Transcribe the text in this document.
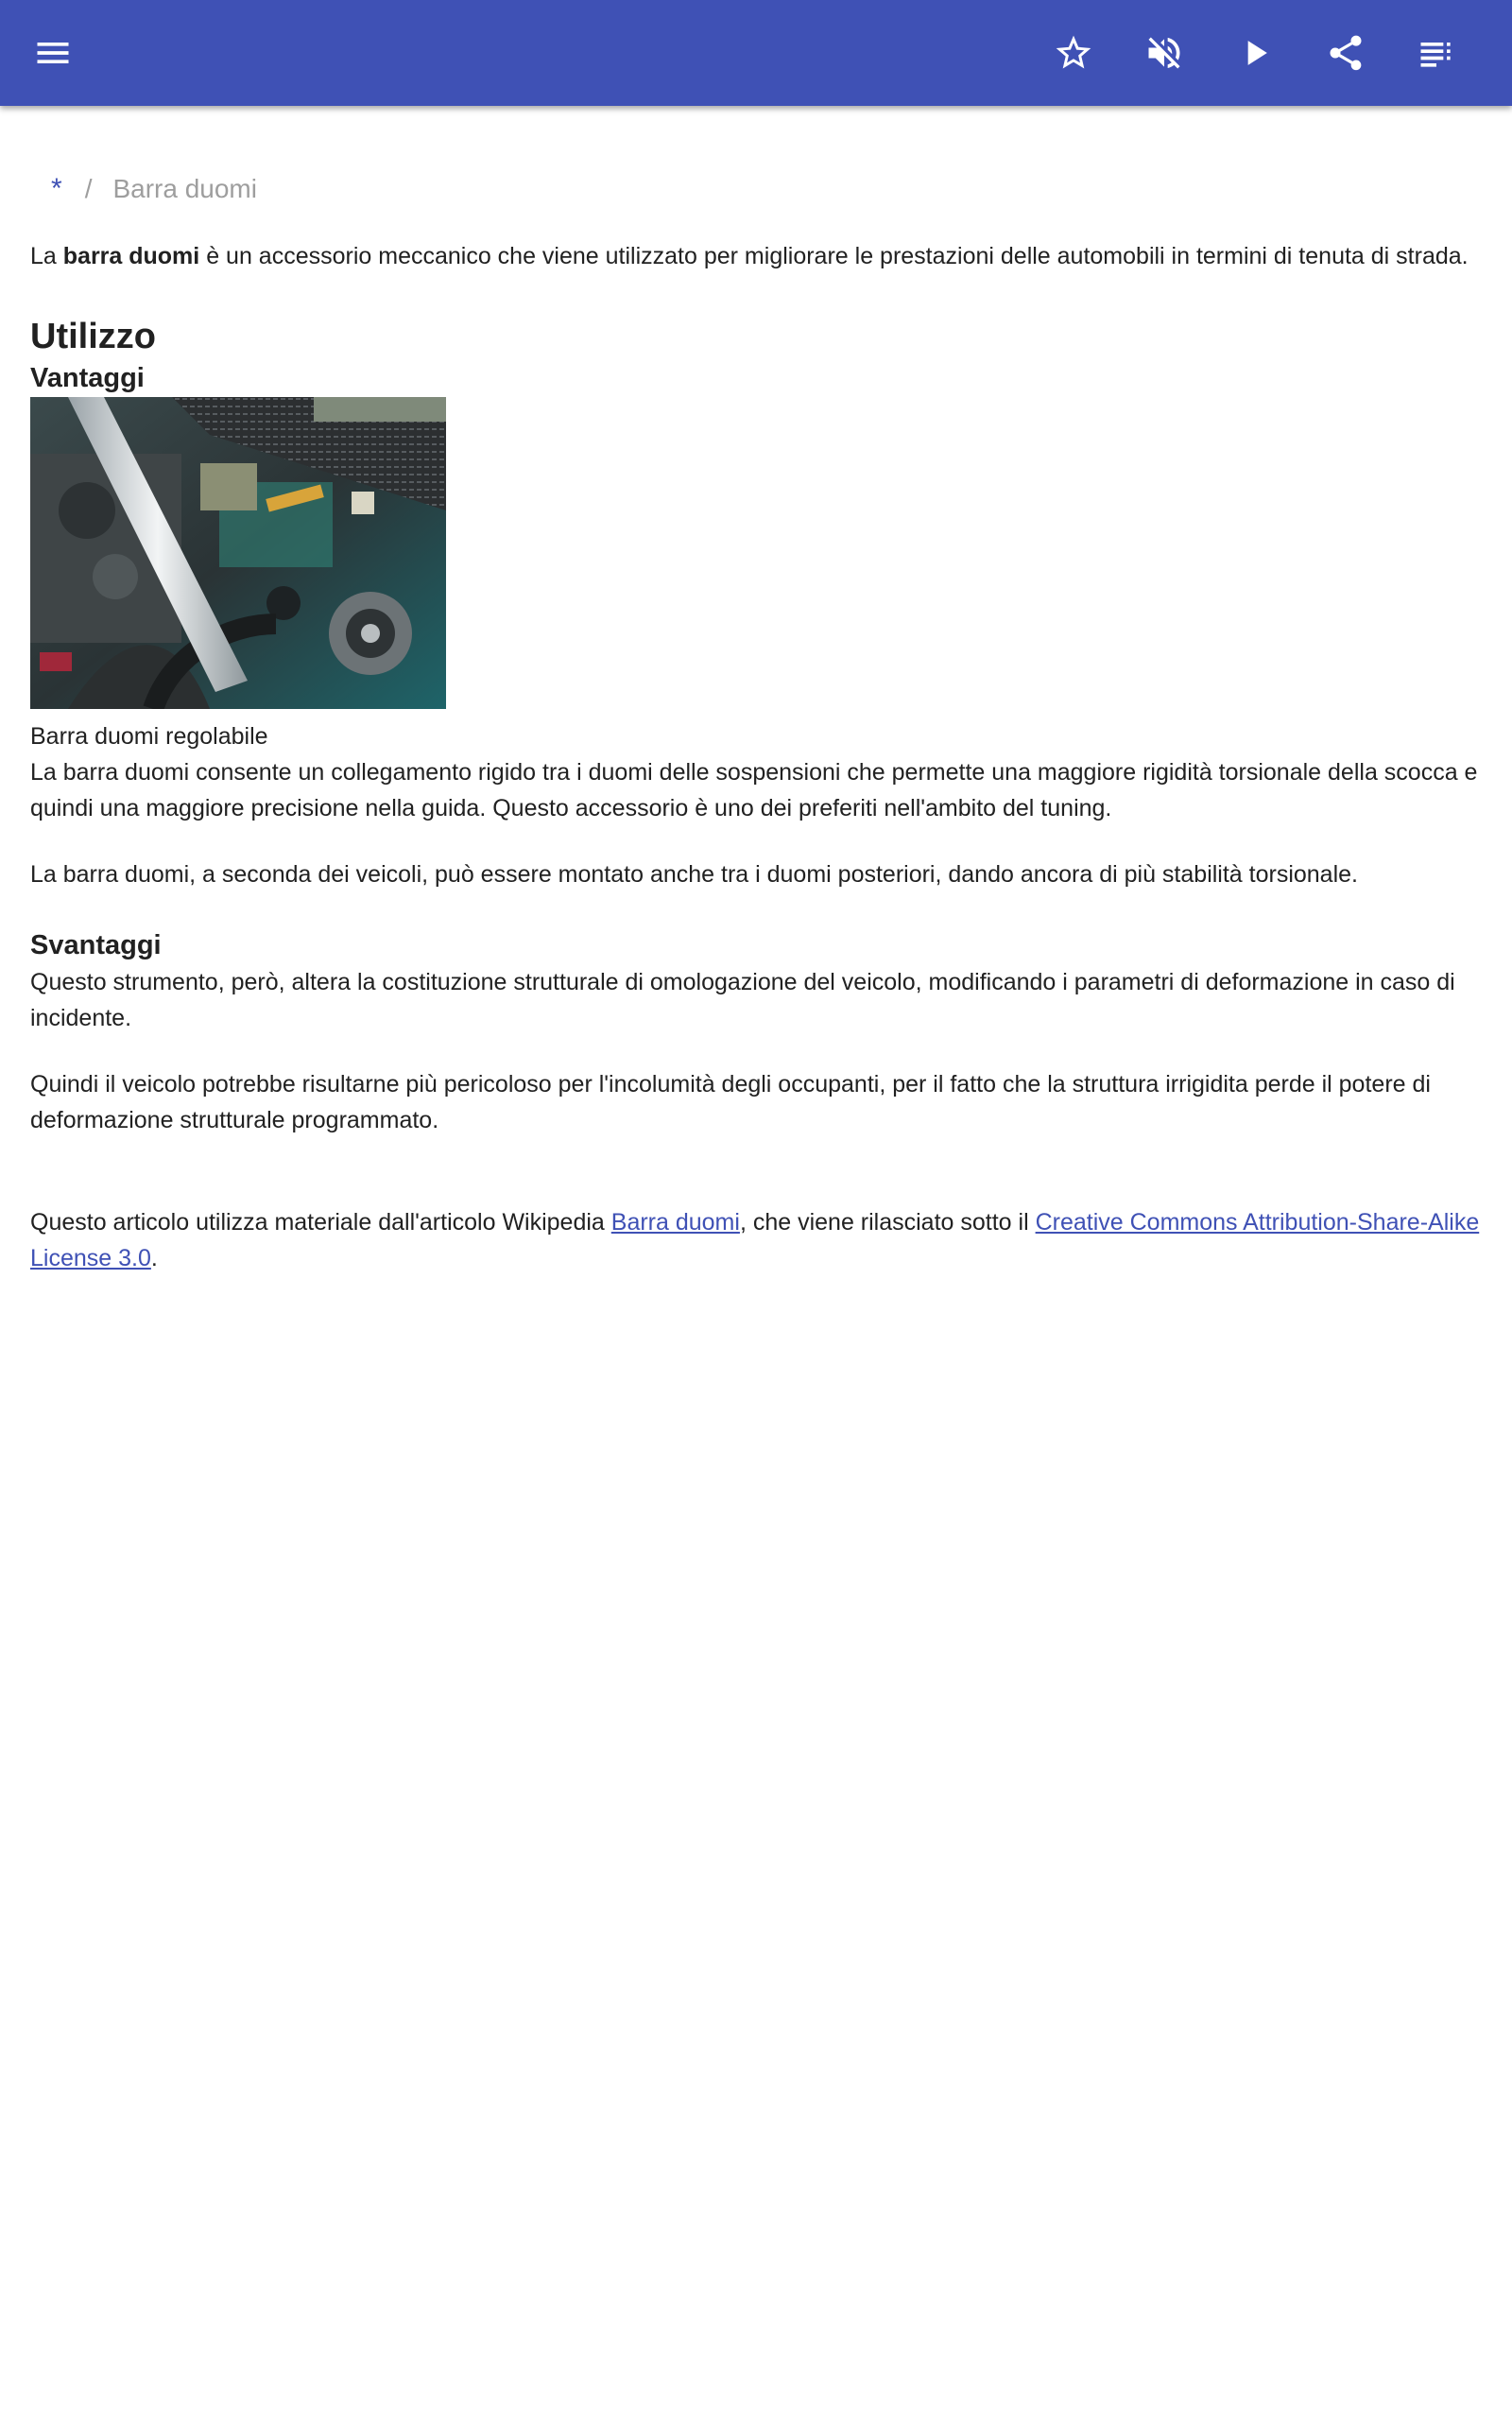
* / Barra duomi

La barra duomi è un accessorio meccanico che viene utilizzato per migliorare le prestazioni delle automobili in termini di tenuta di strada.

Utilizzo
Vantaggi

Barra duomi regolabile

La barra duomi consente un collegamento rigido tra i duomi delle sospensioni che permette una maggiore rigidità torsionale della scocca e quindi una maggiore precisione nella guida. Questo accessorio è uno dei preferiti nell'ambito del tuning.

La barra duomi, a seconda dei veicoli, può essere montato anche tra i duomi posteriori, dando ancora di più stabilità torsionale.

Svantaggi

Questo strumento, però, altera la costituzione strutturale di omologazione del veicolo, modificando i parametri di deformazione in caso di incidente.

Quindi il veicolo potrebbe risultarne più pericoloso per l'incolumità degli occupanti, per il fatto che la struttura irrigidita perde il potere di deformazione strutturale programmato.

Questo articolo utilizza materiale dall'articolo Wikipedia Barra duomi, che viene rilasciato sotto il Creative Commons Attribution-Share-Alike License 3.0.
